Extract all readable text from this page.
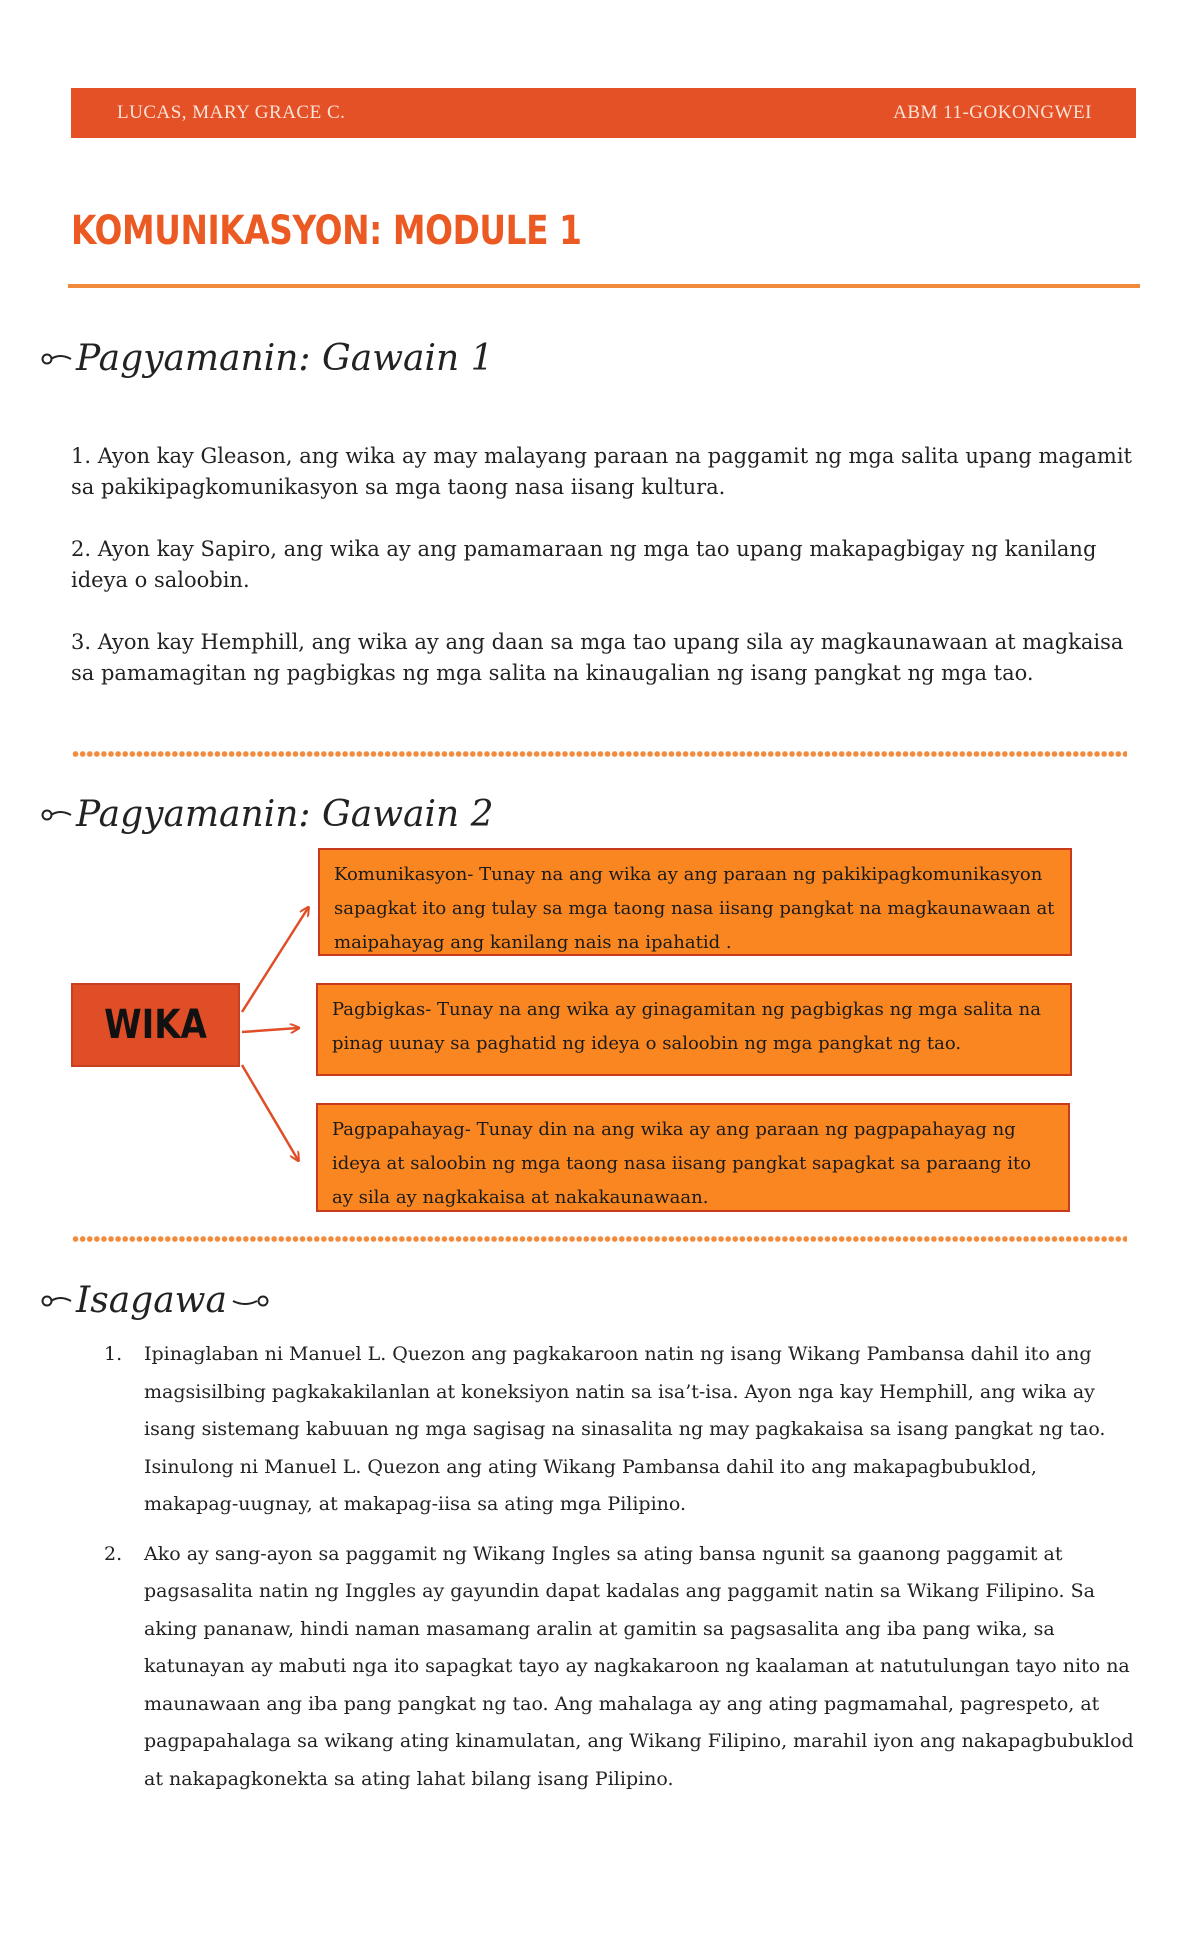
LUCAS, MARY GRACE C.	ABM 11-GOKONGWEI
KOMUNIKASYON: MODULE 1
Pagyamanin: Gawain 1

1. Ayon kay Gleason, ang wika ay may malayang paraan na paggamit ng mga salita upang magamit sa pakikipagkomunikasyon sa mga taong nasa iisang kultura.

2. Ayon kay Sapiro, ang wika ay ang pamamaraan ng mga tao upang makapagbigay ng kanilang ideya o saloobin.

3. Ayon kay Hemphill, ang wika ay ang daan sa mga tao upang sila ay magkaunawaan at magkaisa sa pamamagitan ng pagbigkas ng mga salita na kinaugalian ng isang pangkat ng mga tao.

Pagyamanin: Gawain 2
WIKA
Komunikasyon- Tunay na ang wika ay ang paraan ng pakikipagkomunikasyon sapagkat ito ang tulay sa mga taong nasa iisang pangkat na magkaunawaan at maipahayag ang kanilang nais na ipahatid .
Pagbigkas- Tunay na ang wika ay ginagamitan ng pagbigkas ng mga salita na pinag uunay sa paghatid ng ideya o saloobin ng mga pangkat ng tao.
Pagpapahayag- Tunay din na ang wika ay ang paraan ng pagpapahayag ng ideya at saloobin ng mga taong nasa iisang pangkat sapagkat sa paraang ito ay sila ay nagkakaisa at nakakaunawaan.
Isagawa
1. Ipinaglaban ni Manuel L. Quezon ang pagkakaroon natin ng isang Wikang Pambansa dahil ito ang magsisilbing pagkakakilanlan at koneksiyon natin sa isa’t-isa. Ayon nga kay Hemphill, ang wika ay isang sistemang kabuuan ng mga sagisag na sinasalita ng may pagkakaisa sa isang pangkat ng tao. Isinulong ni Manuel L. Quezon ang ating Wikang Pambansa dahil ito ang makapagbubuklod, makapag-uugnay, at makapag-iisa sa ating mga Pilipino.
2. Ako ay sang-ayon sa paggamit ng Wikang Ingles sa ating bansa ngunit sa gaanong paggamit at pagsasalita natin ng Inggles ay gayundin dapat kadalas ang paggamit natin sa Wikang Filipino. Sa aking pananaw, hindi naman masamang aralin at gamitin sa pagsasalita ang iba pang wika, sa katunayan ay mabuti nga ito sapagkat tayo ay nagkakaroon ng kaalaman at natutulungan tayo nito na maunawaan ang iba pang pangkat ng tao. Ang mahalaga ay ang ating pagmamahal, pagrespeto, at pagpapahalaga sa wikang ating kinamulatan, ang Wikang Filipino, marahil iyon ang nakapagbubuklod at nakapagkonekta sa ating lahat bilang isang Pilipino.
